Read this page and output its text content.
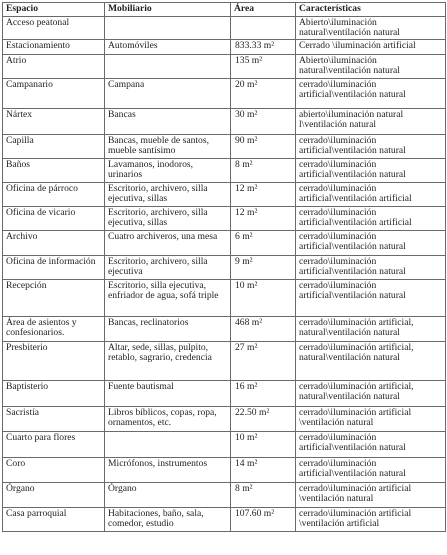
Espacio	Mobiliario	Área	Características
Acceso peatonal			Abierto\iluminación natural\ventilación natural
Estacionamiento	Automóviles	833.33 m²	Cerrado \iluminación artificial
Atrio		135 m²	Abierto\iluminación natural\ventilación natural
Campanario	Campana	20 m²	cerrado\iluminación artificial\ventilación natural
Nártex	Bancas	30 m²	abierto\iluminación natural l\ventilación natural
Capilla	Bancas, mueble de santos, mueble santísimo	90 m²	cerrado\iluminación artificial\ventilación natural
Baños	Lavamanos, inodoros, urinarios	8 m²	cerrado\iluminación artificial\ventilación natural
Oficina de párroco	Escritorio, archivero, silla ejecutiva, sillas	12 m²	cerrado\iluminación artificial\ventilación artificial
Oficina de vicario	Escritorio, archivero, silla ejecutiva, sillas	12 m²	cerrado\iluminación artificial\ventilación artificial
Archivo	Cuatro archiveros, una mesa	6 m²	cerrado\iluminación artificial\ventilación natural
Oficina de información	Escritorio, archivero, silla ejecutiva	9 m²	cerrado\iluminación artificial\ventilación natural
Recepción	Escritorio, silla ejecutiva, enfriador de agua, sofá triple	10 m²	cerrado\iluminación artificial\ventilación natural
Área de asientos y confesionarios.	Bancas, reclinatorios	468 m²	cerrado\iluminación artificial, natural\ventilación natural
Presbiterio	Altar, sede, sillas, pulpito, retablo, sagrario, credencia	27 m²	cerrado\iluminación artificial, natural\ventilación natural
Baptisterio	Fuente bautismal	16 m²	cerrado\iluminación artificial, natural\ventilación natural
Sacristía	Libros bíblicos, copas, ropa, ornamentos, etc.	22.50 m²	cerrado\iluminación artificial \ventilación natural
Cuarto para flores		10 m²	cerrado\iluminación artificial\ventilación natural
Coro	Micrófonos, instrumentos	14 m²	cerrado\iluminación artificial\ventilación natural
Órgano	Órgano	8 m²	cerrado\iluminación artificial \ventilación natural
Casa parroquial	Habitaciones, baño, sala, comedor, estudio	107.60 m²	cerrado\iluminación artificial \ventilación artificial
